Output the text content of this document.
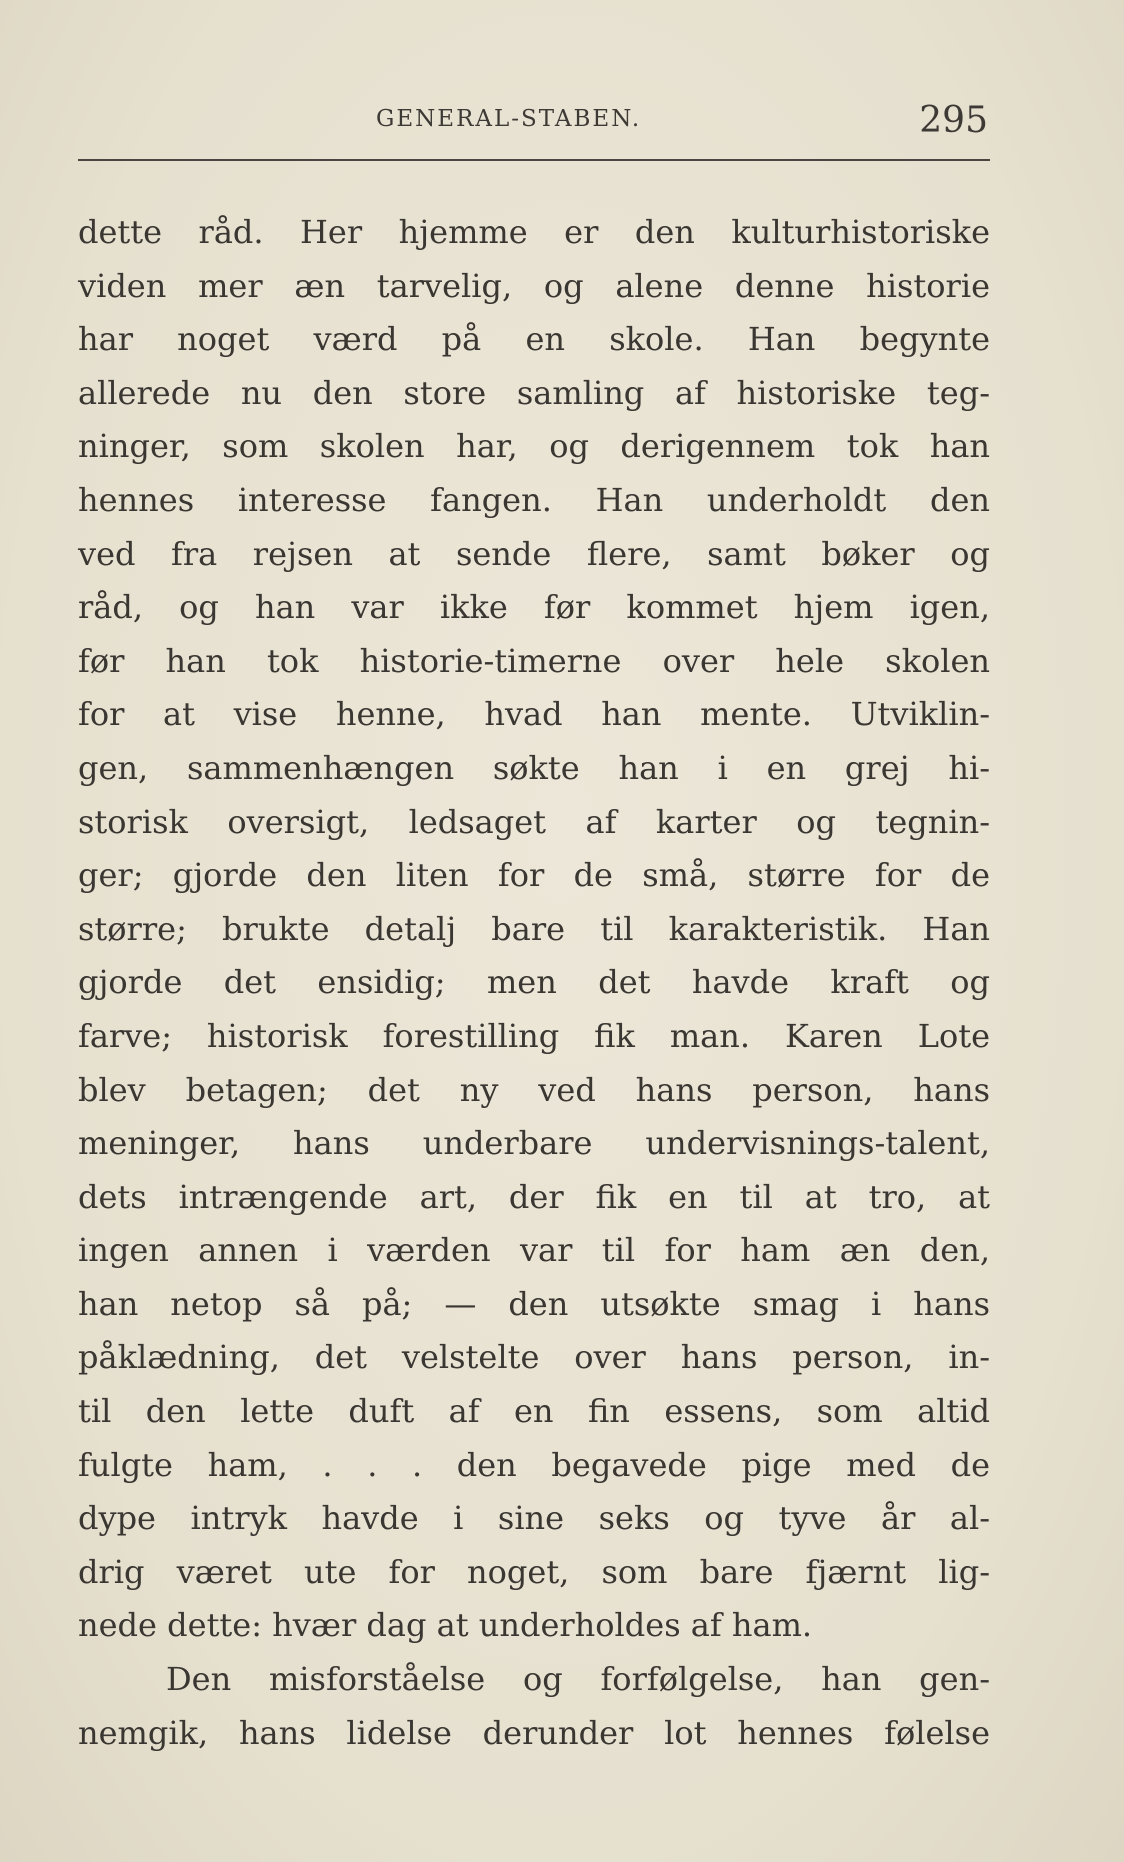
GENERAL-STABEN.	295
dette råd. Her hjemme er den kulturhistoriske
viden mer æn tarvelig, og alene denne historie
har noget værd på en skole. Han begynte
allerede nu den store samling af historiske teg-
ninger, som skolen har, og derigennem tok han
hennes interesse fangen. Han underholdt den
ved fra rejsen at sende flere, samt bøker og
råd, og han var ikke før kommet hjem igen,
før han tok historie-timerne over hele skolen
for at vise henne, hvad han mente. Utviklin-
gen, sammenhængen søkte han i en grej hi-
storisk oversigt, ledsaget af karter og tegnin-
ger; gjorde den liten for de små, større for de
større; brukte detalj bare til karakteristik. Han
gjorde det ensidig; men det havde kraft og
farve; historisk forestilling fik man. Karen Lote
blev betagen; det ny ved hans person, hans
meninger, hans underbare undervisnings-talent,
dets intrængende art, der fik en til at tro, at
ingen annen i værden var til for ham æn den,
han netop så på; — den utsøkte smag i hans
påklædning, det velstelte over hans person, in-
til den lette duft af en fin essens, som altid
fulgte ham, . . . den begavede pige med de
dype intryk havde i sine seks og tyve år al-
drig været ute for noget, som bare fjærnt lig-
nede dette: hvær dag at underholdes af ham.
Den misforståelse og forfølgelse, han gen-
nemgik, hans lidelse derunder lot hennes følelse
